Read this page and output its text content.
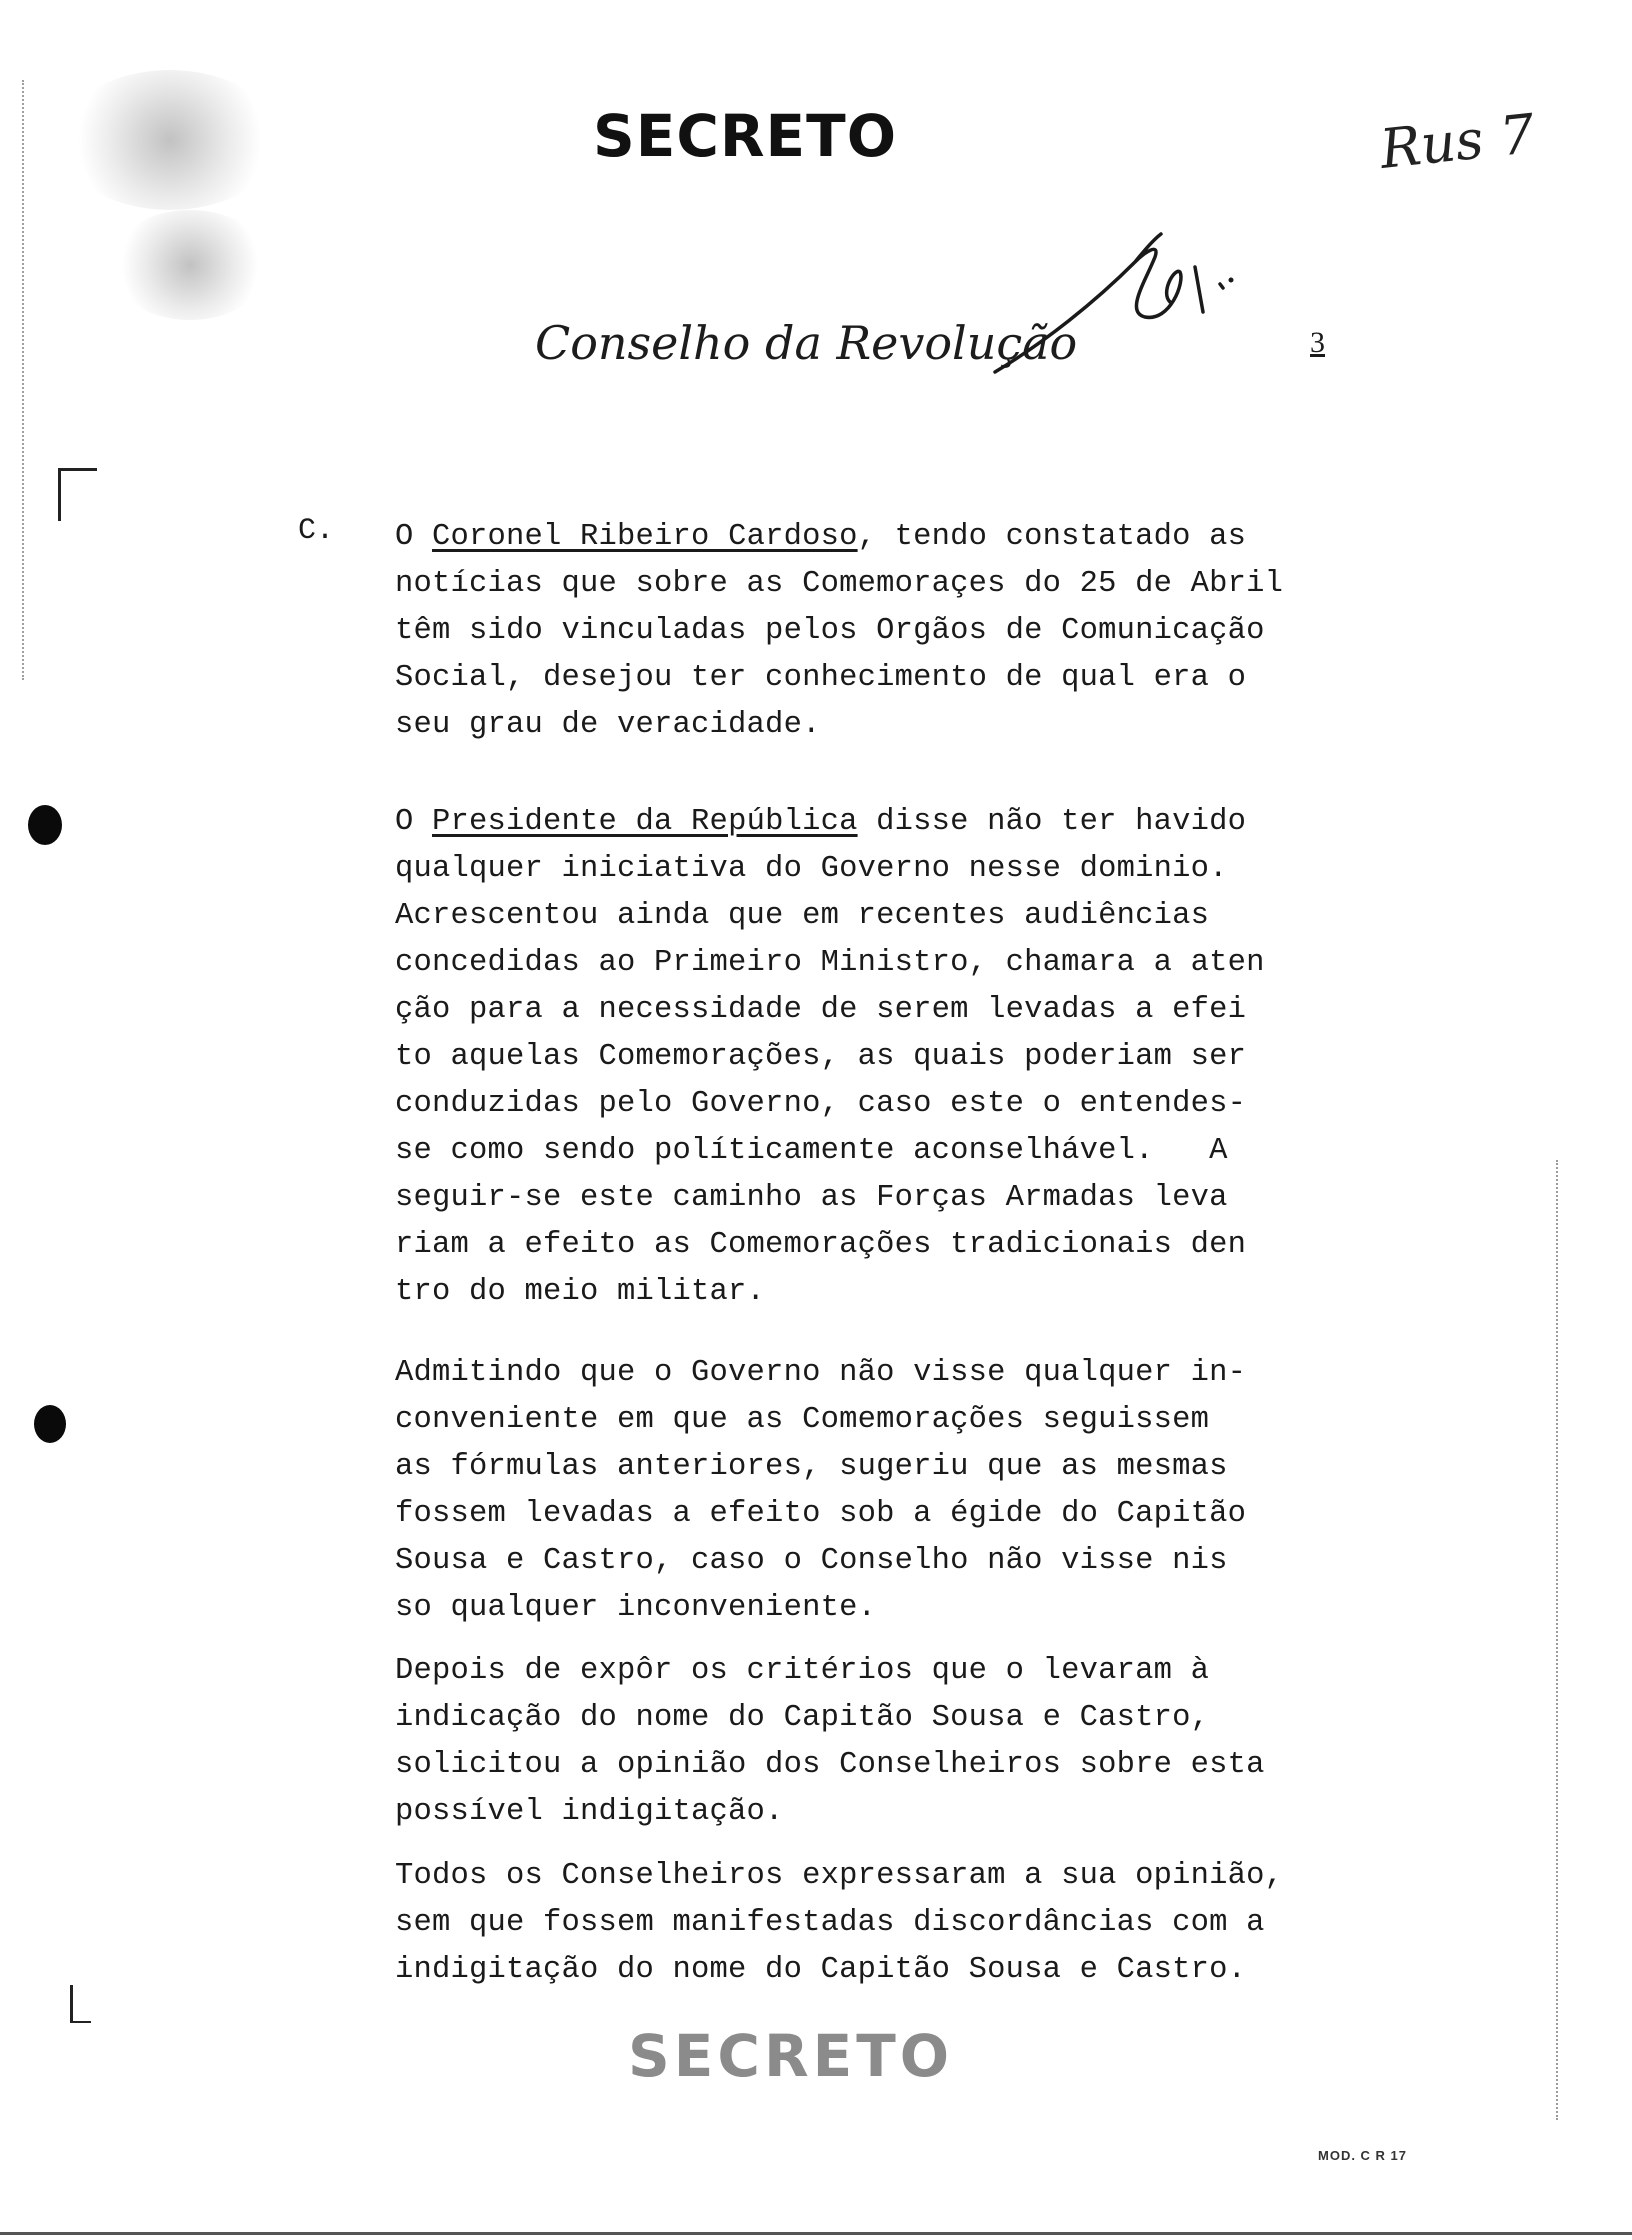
SECRETO	Rus 7
Conselho da Revolução	3
C. O Coronel Ribeiro Cardoso, tendo constatado as
notícias que sobre as Comemoraçes do 25 de Abril
têm sido vinculadas pelos Orgãos de Comunicação
Social, desejou ter conhecimento de qual era o
seu grau de veracidade.
O Presidente da República disse não ter havido
qualquer iniciativa do Governo nesse dominio.
Acrescentou ainda que em recentes audiências
concedidas ao Primeiro Ministro, chamara a aten
ção para a necessidade de serem levadas a efei
to aquelas Comemorações, as quais poderiam ser
conduzidas pelo Governo, caso este o entendes-
se como sendo políticamente aconselhável.   A
seguir-se este caminho as Forças Armadas leva
riam a efeito as Comemorações tradicionais den
tro do meio militar.
Admitindo que o Governo não visse qualquer in-
conveniente em que as Comemorações seguissem
as fórmulas anteriores, sugeriu que as mesmas
fossem levadas a efeito sob a égide do Capitão
Sousa e Castro, caso o Conselho não visse nis
so qualquer inconveniente.
Depois de expôr os critérios que o levaram à
indicação do nome do Capitão Sousa e Castro,
solicitou a opinião dos Conselheiros sobre esta
possível indigitação.
Todos os Conselheiros expressaram a sua opinião,
sem que fossem manifestadas discordâncias com a
indigitação do nome do Capitão Sousa e Castro.
SECRETO
MOD. C R 17
